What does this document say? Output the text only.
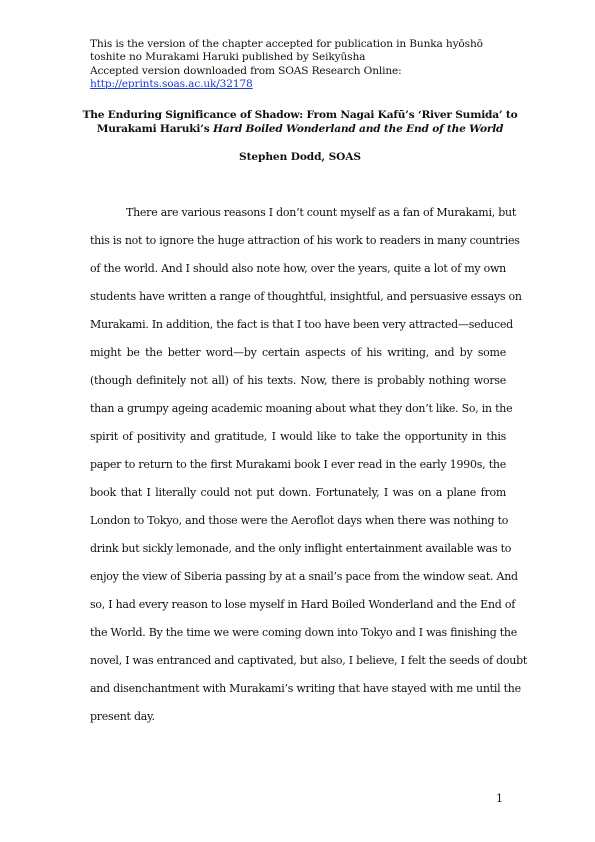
This is the version of the chapter accepted for publication in Bunka hyōshō
toshite no Murakami Haruki published by Seikyūsha
Accepted version downloaded from SOAS Research Online:
http://eprints.soas.ac.uk/32178
The Enduring Significance of Shadow: From Nagai Kafū’s ‘River Sumida’ to
Murakami Haruki’s Hard Boiled Wonderland and the End of the World
Stephen Dodd, SOAS
There are various reasons I don’t count myself as a fan of Murakami, but
this is not to ignore the huge attraction of his work to readers in many countries
of the world. And I should also note how, over the years, quite a lot of my own
students have written a range of thoughtful, insightful, and persuasive essays on
Murakami. In addition, the fact is that I too have been very attracted—seduced
might be the better word—by certain aspects of his writing, and by some
(though definitely not all) of his texts. Now, there is probably nothing worse
than a grumpy ageing academic moaning about what they don’t like. So, in the
spirit of positivity and gratitude, I would like to take the opportunity in this
paper to return to the first Murakami book I ever read in the early 1990s, the
book that I literally could not put down. Fortunately, I was on a plane from
London to Tokyo, and those were the Aeroflot days when there was nothing to
drink but sickly lemonade, and the only inflight entertainment available was to
enjoy the view of Siberia passing by at a snail’s pace from the window seat. And
so, I had every reason to lose myself in Hard Boiled Wonderland and the End of
the World. By the time we were coming down into Tokyo and I was finishing the
novel, I was entranced and captivated, but also, I believe, I felt the seeds of doubt
and disenchantment with Murakami’s writing that have stayed with me until the
present day.
1
